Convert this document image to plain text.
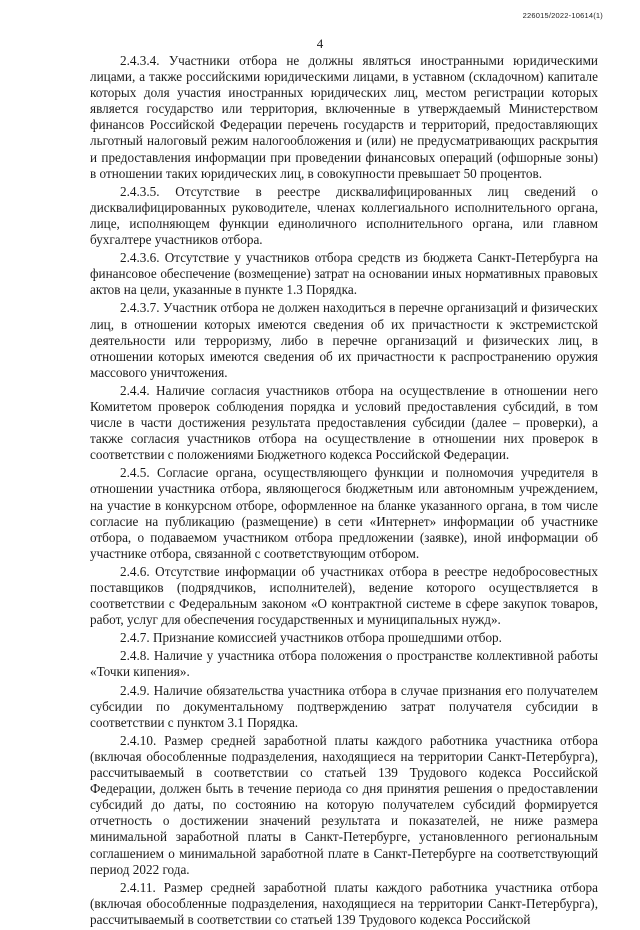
226015/2022-10614(1)
4

2.4.3.4. Участники отбора не должны являться иностранными юридическими лицами, а также российскими юридическими лицами, в уставном (складочном) капитале которых доля участия иностранных юридических лиц, местом регистрации которых является государство или территория, включенные в утверждаемый Министерством финансов Российской Федерации перечень государств и территорий, предоставляющих льготный налоговый режим налогообложения и (или) не предусматривающих раскрытия и предоставления информации при проведении финансовых операций (офшорные зоны) в отношении таких юридических лиц, в совокупности превышает 50 процентов.

2.4.3.5. Отсутствие в реестре дисквалифицированных лиц сведений о дисквалифицированных руководителе, членах коллегиального исполнительного органа, лице, исполняющем функции единоличного исполнительного органа, или главном бухгалтере участников отбора.

2.4.3.6. Отсутствие у участников отбора средств из бюджета Санкт-Петербурга на финансовое обеспечение (возмещение) затрат на основании иных нормативных правовых актов на цели, указанные в пункте 1.3 Порядка.

2.4.3.7. Участник отбора не должен находиться в перечне организаций и физических лиц, в отношении которых имеются сведения об их причастности к экстремистской деятельности или терроризму, либо в перечне организаций и физических лиц, в отношении которых имеются сведения об их причастности к распространению оружия массового уничтожения.

2.4.4. Наличие согласия участников отбора на осуществление в отношении него Комитетом проверок соблюдения порядка и условий предоставления субсидий, в том числе в части достижения результата предоставления субсидии (далее – проверки), а также согласия участников отбора на осуществление в отношении них проверок в соответствии с положениями Бюджетного кодекса Российской Федерации.

2.4.5. Согласие органа, осуществляющего функции и полномочия учредителя в отношении участника отбора, являющегося бюджетным или автономным учреждением, на участие в конкурсном отборе, оформленное на бланке указанного органа, в том числе согласие на публикацию (размещение) в сети «Интернет» информации об участнике отбора, о подаваемом участником отбора предложении (заявке), иной информации об участнике отбора, связанной с соответствующим отбором.

2.4.6. Отсутствие информации об участниках отбора в реестре недобросовестных поставщиков (подрядчиков, исполнителей), ведение которого осуществляется в соответствии с Федеральным законом «О контрактной системе в сфере закупок товаров, работ, услуг для обеспечения государственных и муниципальных нужд».

2.4.7. Признание комиссией участников отбора прошедшими отбор.

2.4.8. Наличие у участника отбора положения о пространстве коллективной работы «Точки кипения».

2.4.9. Наличие обязательства участника отбора в случае признания его получателем субсидии по документальному подтверждению затрат получателя субсидии в соответствии с пунктом 3.1 Порядка.

2.4.10. Размер средней заработной платы каждого работника участника отбора (включая обособленные подразделения, находящиеся на территории Санкт-Петербурга), рассчитываемый в соответствии со статьей 139 Трудового кодекса Российской Федерации, должен быть в течение периода со дня принятия решения о предоставлении субсидий до даты, по состоянию на которую получателем субсидий формируется отчетность о достижении значений результата и показателей, не ниже размера минимальной заработной платы в Санкт-Петербурге, установленного региональным соглашением о минимальной заработной плате в Санкт-Петербурге на соответствующий период 2022 года.

2.4.11. Размер средней заработной платы каждого работника участника отбора (включая обособленные подразделения, находящиеся на территории Санкт-Петербурга), рассчитываемый в соответствии со статьей 139 Трудового кодекса Российской
